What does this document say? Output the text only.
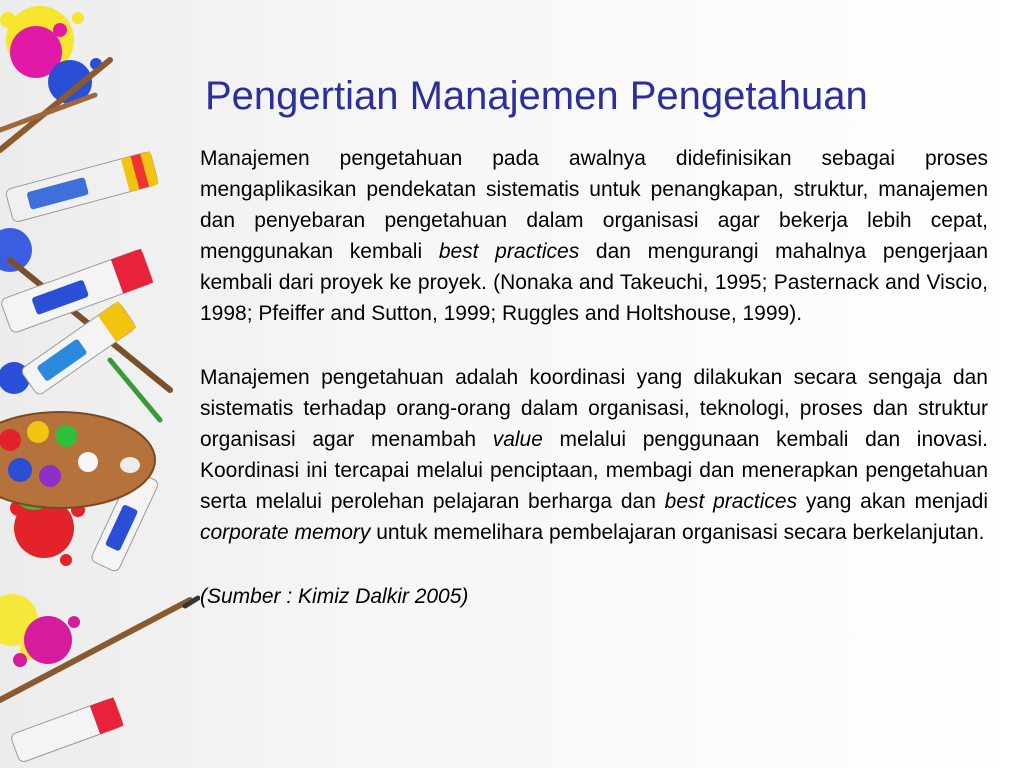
Pengertian Manajemen Pengetahuan

Manajemen pengetahuan pada awalnya didefinisikan sebagai proses mengaplikasikan pendekatan sistematis untuk penangkapan, struktur, manajemen dan penyebaran pengetahuan dalam organisasi agar bekerja lebih cepat, menggunakan kembali best practices dan mengurangi mahalnya pengerjaan kembali dari proyek ke proyek. (Nonaka and Takeuchi, 1995; Pasternack and Viscio, 1998; Pfeiffer and Sutton, 1999; Ruggles and Holtshouse, 1999).

Manajemen pengetahuan adalah koordinasi yang dilakukan secara sengaja dan sistematis terhadap orang-orang dalam organisasi, teknologi, proses dan struktur organisasi agar menambah value melalui penggunaan kembali dan inovasi. Koordinasi ini tercapai melalui penciptaan, membagi dan menerapkan pengetahuan serta melalui perolehan pelajaran berharga dan best practices yang akan menjadi corporate memory untuk memelihara pembelajaran organisasi secara berkelanjutan.

(Sumber : Kimiz Dalkir 2005)
